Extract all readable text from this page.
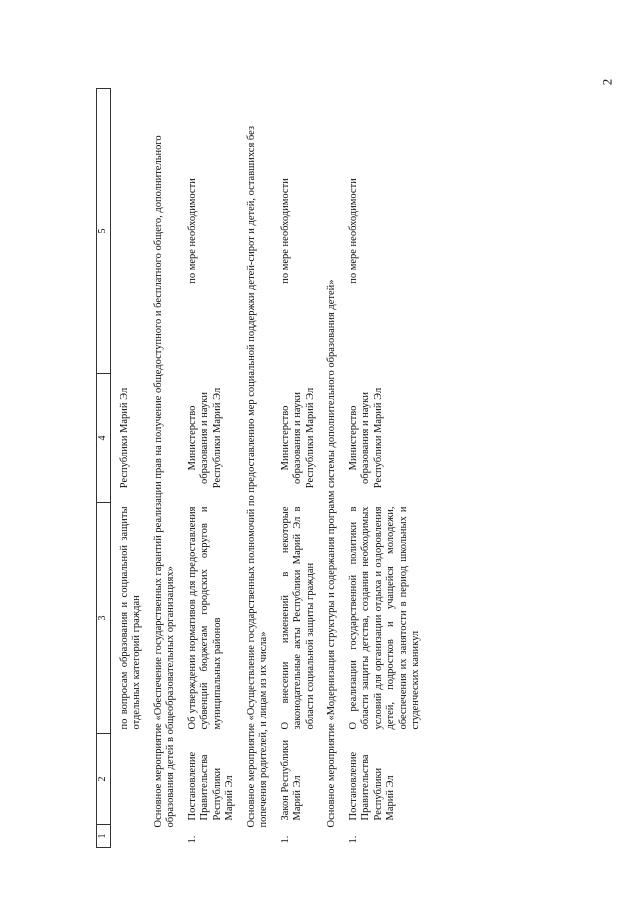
2
1	2	3	4	5
		по вопросам образования и социальной защиты отдельных категорий граждан	Республики Марий Эл	
Основное мероприятие «Обеспечение государственных гарантий реализации прав на получение общедоступного и бесплатного общего, дополнительного образования детей в общеобразовательных организациях»				
1.	Постановление Правительства Республики Марий Эл	Об утверждении нормативов для предоставления субвенций бюджетам городских округов и муниципальных районов	Министерство образования и науки Республики Марий Эл	по мере необходимости
Основное мероприятие «Осуществление государственных полномочий по предоставлению мер социальной поддержки детей-сирот и детей, оставшихся без попечения родителей, и лицам из их числа»				
1.	Закон Республики Марий Эл	О внесении изменений в некоторые законодательные акты Республики Марий Эл в области социальной защиты граждан	Министерство образования и науки Республики Марий Эл	по мере необходимости
Основное мероприятие «Модернизация структуры и содержания программ системы дополнительного образования детей»				
1.	Постановление Правительства Республики Марий Эл	О реализации государственной политики в области защиты детства, создания необходимых условий для организации отдыха и оздоровления детей, подростков и учащейся молодежи, обеспечения их занятости в период школьных и студенческих каникул	Министерство образования и науки Республики Марий Эл	по мере необходимости
